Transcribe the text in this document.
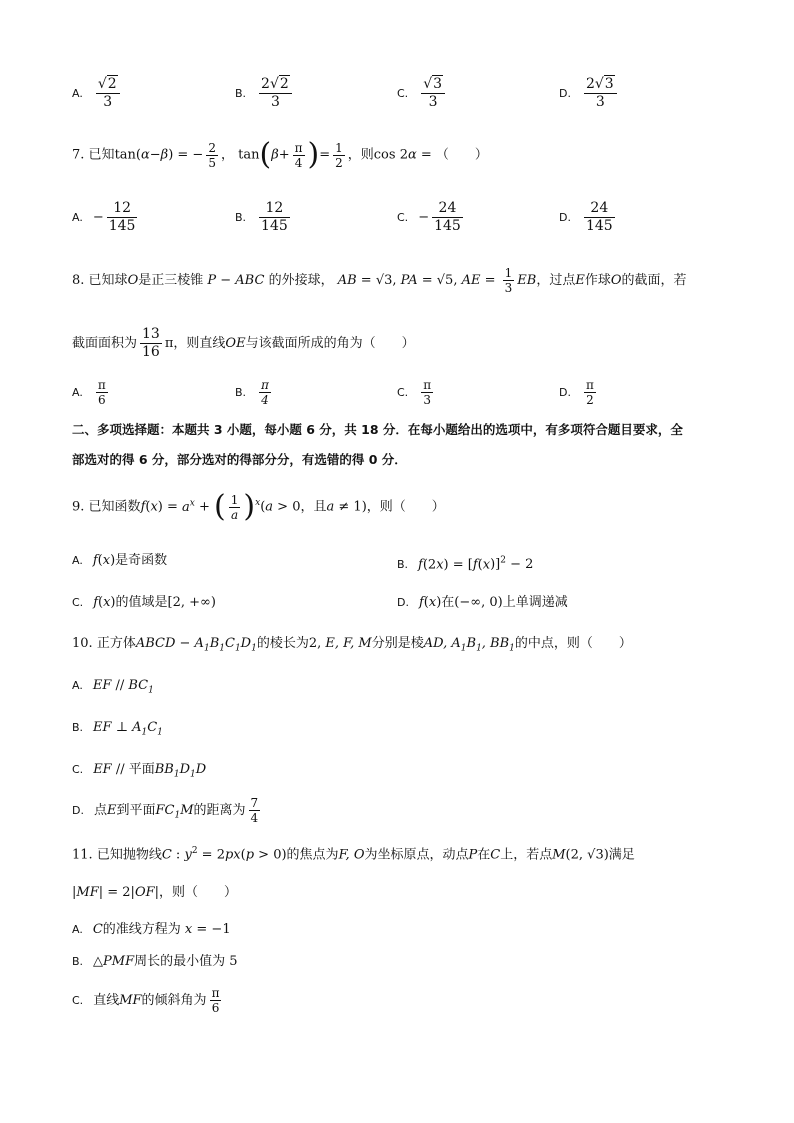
A. $\frac{√2}{3}$	B. $\frac{2√2}{3}$	C. $\frac{√3}{3}$	D. $\frac{2√3}{3}$
7. 已知tan(α−β) = − $\frac{2}{5}$ ， $\tan(\beta+ \frac{\pi}{4}$ )= $\frac{1}{2}$ ，则cos 2α = （　　）
A. − $\frac{12}{145}$	B. $\frac{12}{145}$	C. − $\frac{24}{145}$	D. $\frac{24}{145}$
8. 已知球O是正三棱锥 P − ABC 的外接球， AB = √3, PA = √5, AE = $\frac{1}{3}$ EB，过点E作球O的截面，若
截面面积为 $\frac{13}{16}$ π，则直线OE与该截面所成的角为（　　）
A. $\frac{\pi}{6}$	B. $\frac{\pi}{4}$	C. $\frac{\pi}{3}$	D. $\frac{\pi}{2}$
二、多项选择题：本题共 3 小题，每小题 6 分，共 18 分．在每小题给出的选项中，有多项符合题目要求，全
部选对的得 6 分，部分选对的得部分分，有选错的得 0 分．
9. 已知函数$f(x) = a^x$ + ( $\frac{1}{a} )^x(a > 0$，且a ≠ 1)，则（　　）
A. f(x)是奇函数	B. $f(2x) = [f(x)]^2 - 2$
C. f(x)的值域是[2, +∞)	D. f(x)在(−∞, 0)上单调递减
10. 正方体ABCD − $A_1B_1C_1D_1$的棱长为2, E, F, M分别是棱AD, $A_1B_1$, $BB_1$的中点，则（　　）
A. EF // $BC_1$
B. EF ⊥ $A_1C_1$
C. EF // 平面$BB_1D_1D$
D. 点E到平面$FC_1M$的距离为 $\frac{7}{4}$
11. 已知抛物线C : $y^2 = 2px(p > 0)$的焦点为F, O为坐标原点，动点P在C上，若点M(2, √3)满足
|MF| = 2|OF|，则（　　）
A. C的准线方程为 x = −1
B. △PMF周长的最小值为 5
C. 直线MF的倾斜角为 $\frac{\pi}{6}$
